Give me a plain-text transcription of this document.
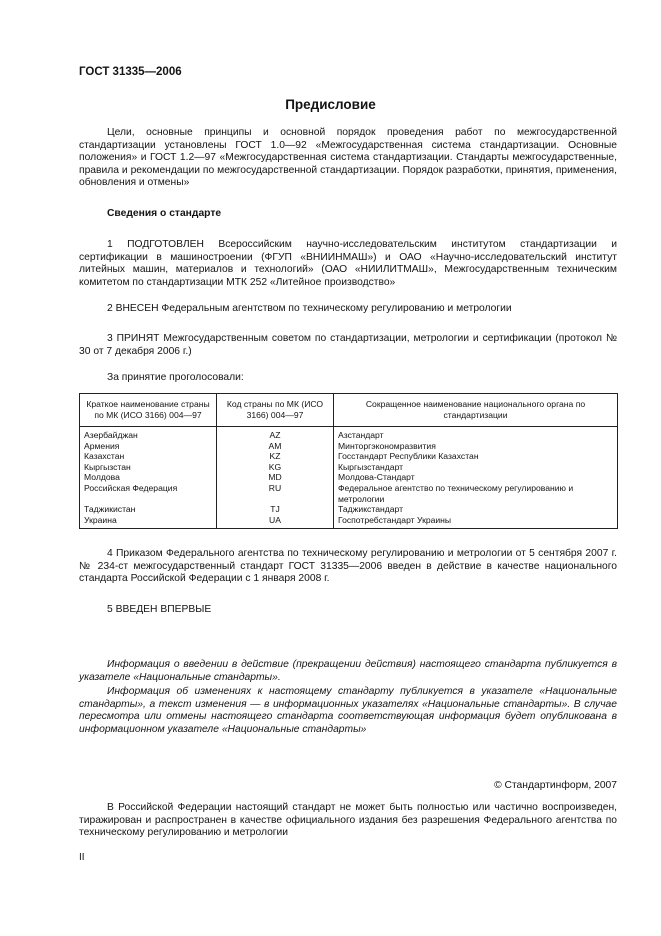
ГОСТ 31335—2006
Предисловие

Цели, основные принципы и основной порядок проведения работ по межгосударственной стандартизации установлены ГОСТ 1.0—92 «Межгосударственная система стандартизации. Основные положения» и ГОСТ 1.2—97 «Межгосударственная система стандартизации. Стандарты межгосударственные, правила и рекомендации по межгосударственной стандартизации. Порядок разработки, принятия, применения, обновления и отмены»

Сведения о стандарте

1 ПОДГОТОВЛЕН Всероссийским научно-исследовательским институтом стандартизации и сертификации в машиностроении (ФГУП «ВНИИНМАШ») и ОАО «Научно-исследовательский институт литейных машин, материалов и технологий» (ОАО «НИИЛИТМАШ», Межгосударственным техническим комитетом по стандартизации МТК 252 «Литейное производство»

2 ВНЕСЕН Федеральным агентством по техническому регулированию и метрологии

3 ПРИНЯТ Межгосударственным советом по стандартизации, метрологии и сертификации (протокол № 30 от 7 декабря 2006 г.)

За принятие проголосовали:
Краткое наименование страны по МК (ИСО 3166) 004—97	Код страны по МК (ИСО 3166) 004—97	Сокращенное наименование национального органа по стандартизации
Азербайджан	AZ	Азстандарт
Армения	AM	Минторгэкономразвития
Казахстан	KZ	Госстандарт Республики Казахстан
Кыргызстан	KG	Кыргызстандарт
Молдова	MD	Молдова-Стандарт
Российская Федерация	RU	Федеральное агентство по техническому регулированию и метрологии
Таджикистан	TJ	Таджикстандарт
Украина	UA	Госпотребстандарт Украины

4 Приказом Федерального агентства по техническому регулированию и метрологии от 5 сентября 2007 г. № 234-ст межгосударственный стандарт ГОСТ 31335—2006 введен в действие в качестве национального стандарта Российской Федерации с 1 января 2008 г.

5 ВВЕДЕН ВПЕРВЫЕ

Информация о введении в действие (прекращении действия) настоящего стандарта публикуется в указателе «Национальные стандарты».

Информация об изменениях к настоящему стандарту публикуется в указателе «Национальные стандарты», а текст изменения — в информационных указателях «Национальные стандарты». В случае пересмотра или отмены настоящего стандарта соответствующая информация будет опубликована в информационном указателе «Национальные стандарты»

© Стандартинформ, 2007

В Российской Федерации настоящий стандарт не может быть полностью или частично воспроизведен, тиражирован и распространен в качестве официального издания без разрешения Федерального агентства по техническому регулированию и метрологии

II
